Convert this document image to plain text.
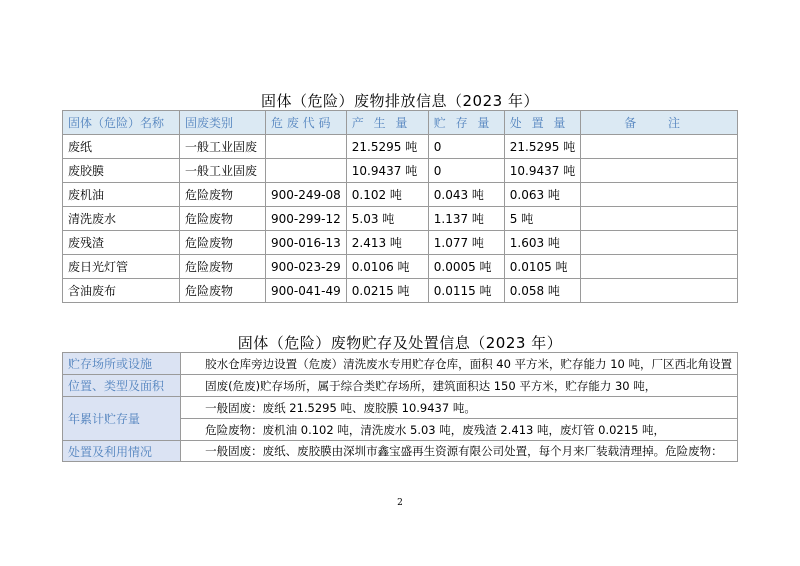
固体（危险）废物排放信息（2023 年）
固体（危险）名称	固废类别	危 废 代 码	产 生 量	贮 存 量	处 置 量	备 注
废纸	一般工业固废		21.5295 吨	0	21.5295 吨	
废胶膜	一般工业固废		10.9437 吨	0	10.9437 吨	
废机油	危险废物	900-249-08	0.102 吨	0.043 吨	0.063 吨	
清洗废水	危险废物	900-299-12	5.03 吨	1.137 吨	5 吨	
废残渣	危险废物	900-016-13	2.413 吨	1.077 吨	1.603 吨	
废日光灯管	危险废物	900-023-29	0.0106 吨	0.0005 吨	0.0105 吨	
含油废布	危险废物	900-041-49	0.0215 吨	0.0115 吨	0.058 吨	
固体（危险）废物贮存及处置信息（2023 年）
贮存场所或设施	胶水仓库旁边设置（危废）清洗废水专用贮存仓库，面积 40 平方米，贮存能力 10 吨，厂区西北角设置
位置、类型及面积	固废(危废)贮存场所，属于综合类贮存场所，建筑面积达 150 平方米，贮存能力 30 吨，
年累计贮存量	一般固废：废纸 21.5295 吨、废胶膜 10.9437 吨。
	危险废物：废机油 0.102 吨，清洗废水 5.03 吨，废残渣 2.413 吨，废灯管 0.0215 吨，
处置及利用情况	一般固废：废纸、废胶膜由深圳市鑫宝盛再生资源有限公司处置，每个月来厂装载清理掉。危险废物：
2
